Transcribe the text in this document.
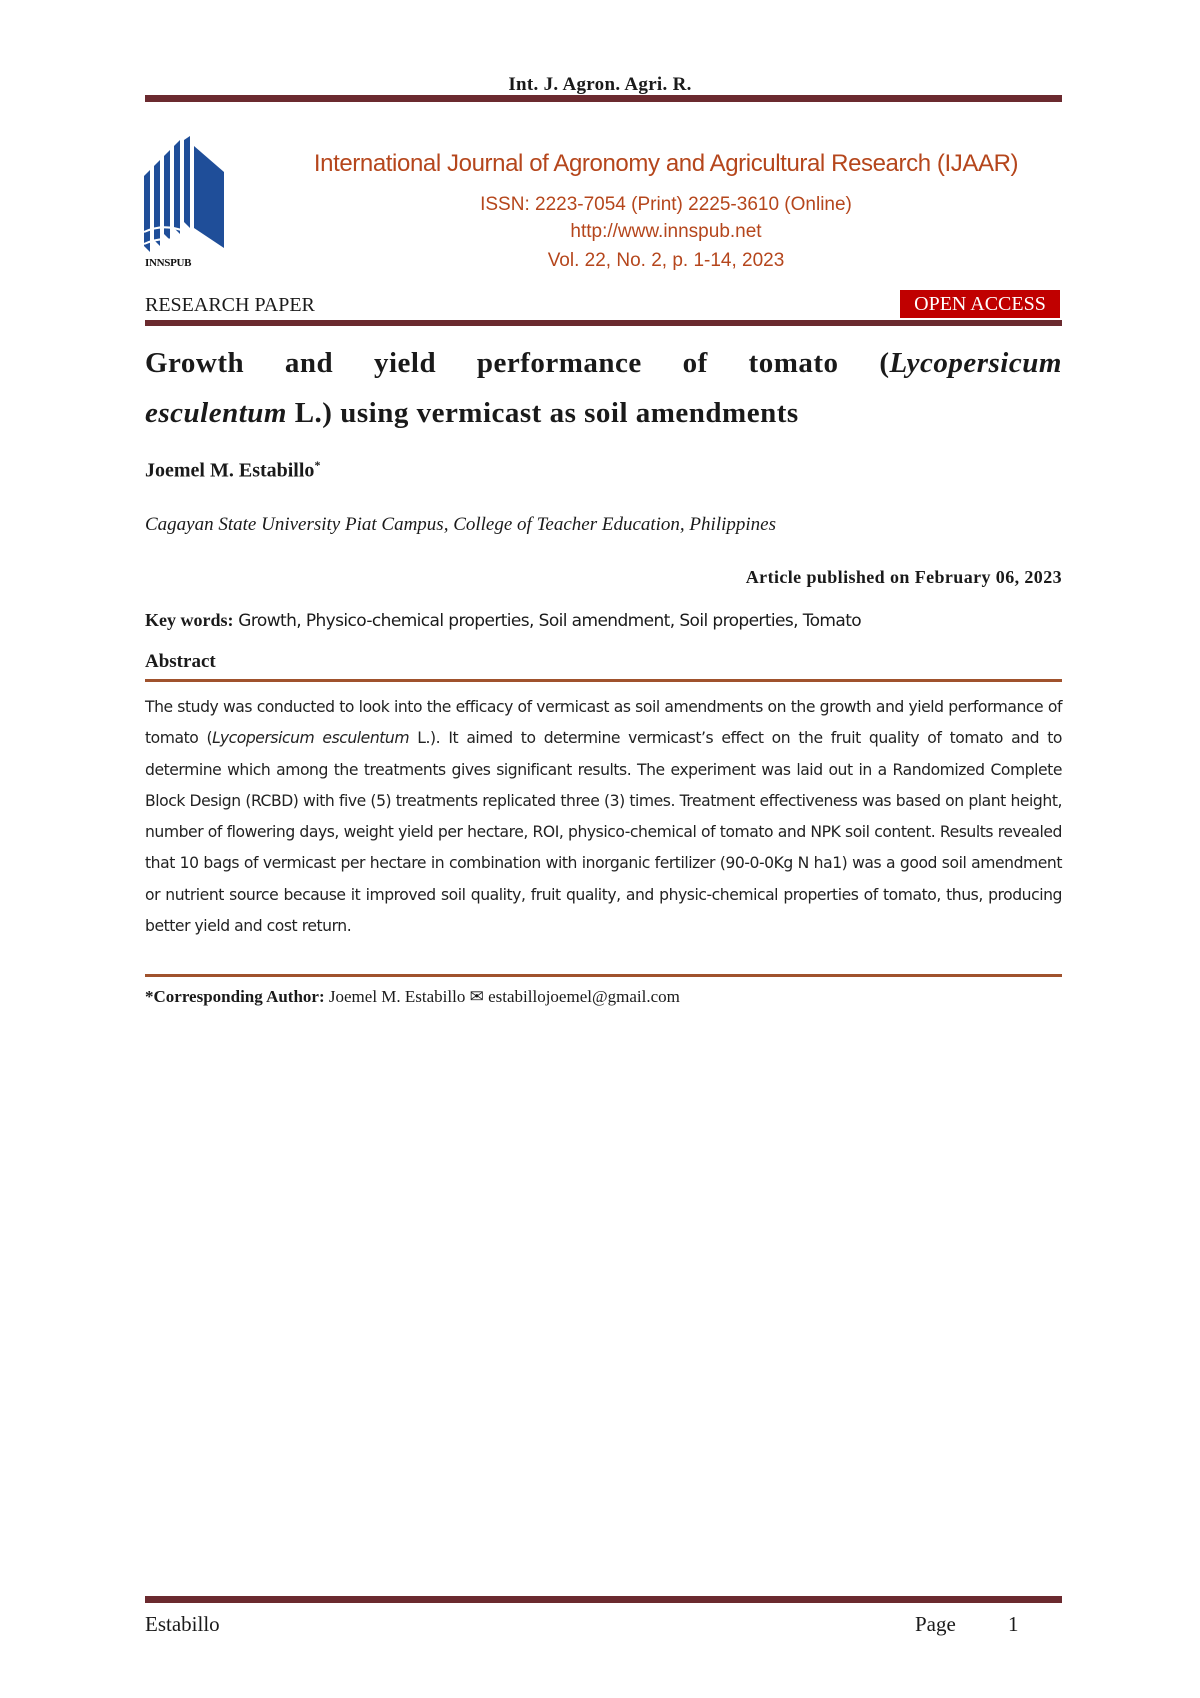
Int. J. Agron. Agri. R.
INNSPUB
International Journal of Agronomy and Agricultural Research (IJAAR)
ISSN: 2223-7054 (Print) 2225-3610 (Online)
http://www.innspub.net
Vol. 22, No. 2, p. 1-14, 2023
RESEARCH PAPER	OPEN ACCESS
Growth and yield performance of tomato (Lycopersicum
esculentum L.) using vermicast as soil amendments
Joemel M. Estabillo*
Cagayan State University Piat Campus, College of Teacher Education, Philippines
Article published on February 06, 2023
Key words: Growth, Physico-chemical properties, Soil amendment, Soil properties, Tomato
Abstract
The study was conducted to look into the efficacy of vermicast as soil amendments on the growth and yield performance of tomato (Lycopersicum esculentum L.). It aimed to determine vermicast’s effect on the fruit quality of tomato and to determine which among the treatments gives significant results. The experiment was laid out in a Randomized Complete Block Design (RCBD) with five (5) treatments replicated three (3) times. Treatment effectiveness was based on plant height, number of flowering days, weight yield per hectare, ROI, physico-chemical of tomato and NPK soil content. Results revealed that 10 bags of vermicast per hectare in combination with inorganic fertilizer (90-0-0Kg N ha1) was a good soil amendment or nutrient source because it improved soil quality, fruit quality, and physic-chemical properties of tomato, thus, producing better yield and cost return.
*Corresponding Author: Joemel M. Estabillo ✉ estabillojoemel@gmail.com
Estabillo	Page 1
